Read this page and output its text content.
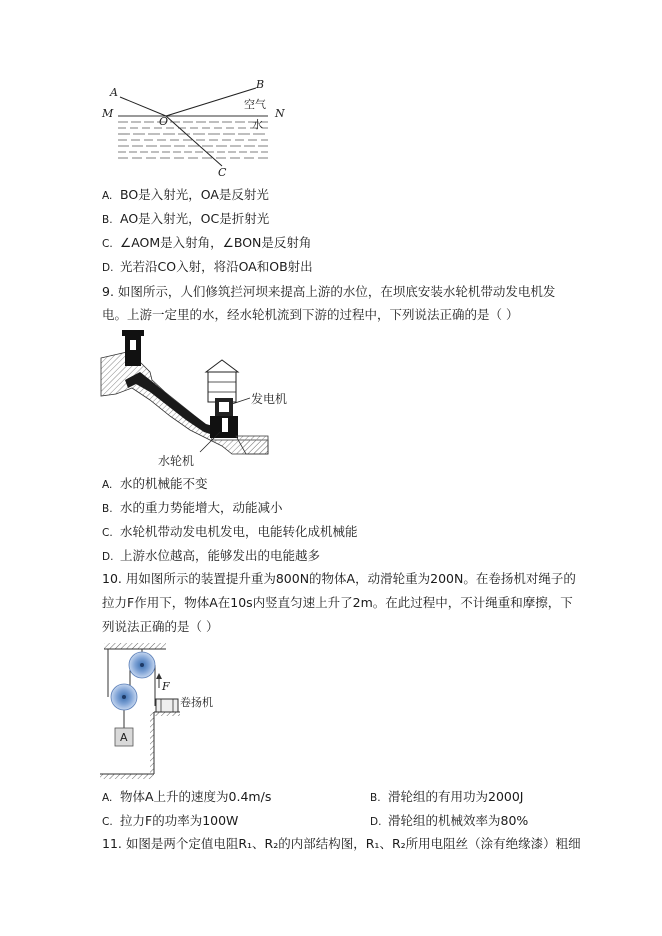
A
B
M	N
O
C
空气
水
A. BO是入射光，OA是反射光
B. AO是入射光，OC是折射光
C. ∠AOM是入射角，∠BON是反射角
D. 光若沿CO入射，将沿OA和OB射出
9. 如图所示，人们修筑拦河坝来提高上游的水位，在坝底安装水轮机带动发电机发
电。上游一定里的水，经水轮机流到下游的过程中，下列说法正确的是（ ）
发电机
水轮机
A. 水的机械能不变
B. 水的重力势能增大，动能减小
C. 水轮机带动发电机发电，电能转化成机械能
D. 上游水位越高，能够发出的电能越多
10. 用如图所示的装置提升重为800N的物体A，动滑轮重为200N。在卷扬机对绳子的
拉力F作用下，物体A在10s内竖直匀速上升了2m。在此过程中，不计绳重和摩擦，下
列说法正确的是（ ）
F
卷扬机
A
A. 物体A上升的速度为0.4m/s	B. 滑轮组的有用功为2000J
C. 拉力F的功率为100W	D. 滑轮组的机械效率为80%
11. 如图是两个定值电阻R₁、R₂的内部结构图，R₁、R₂所用电阻丝（涂有绝缘漆）粗细
